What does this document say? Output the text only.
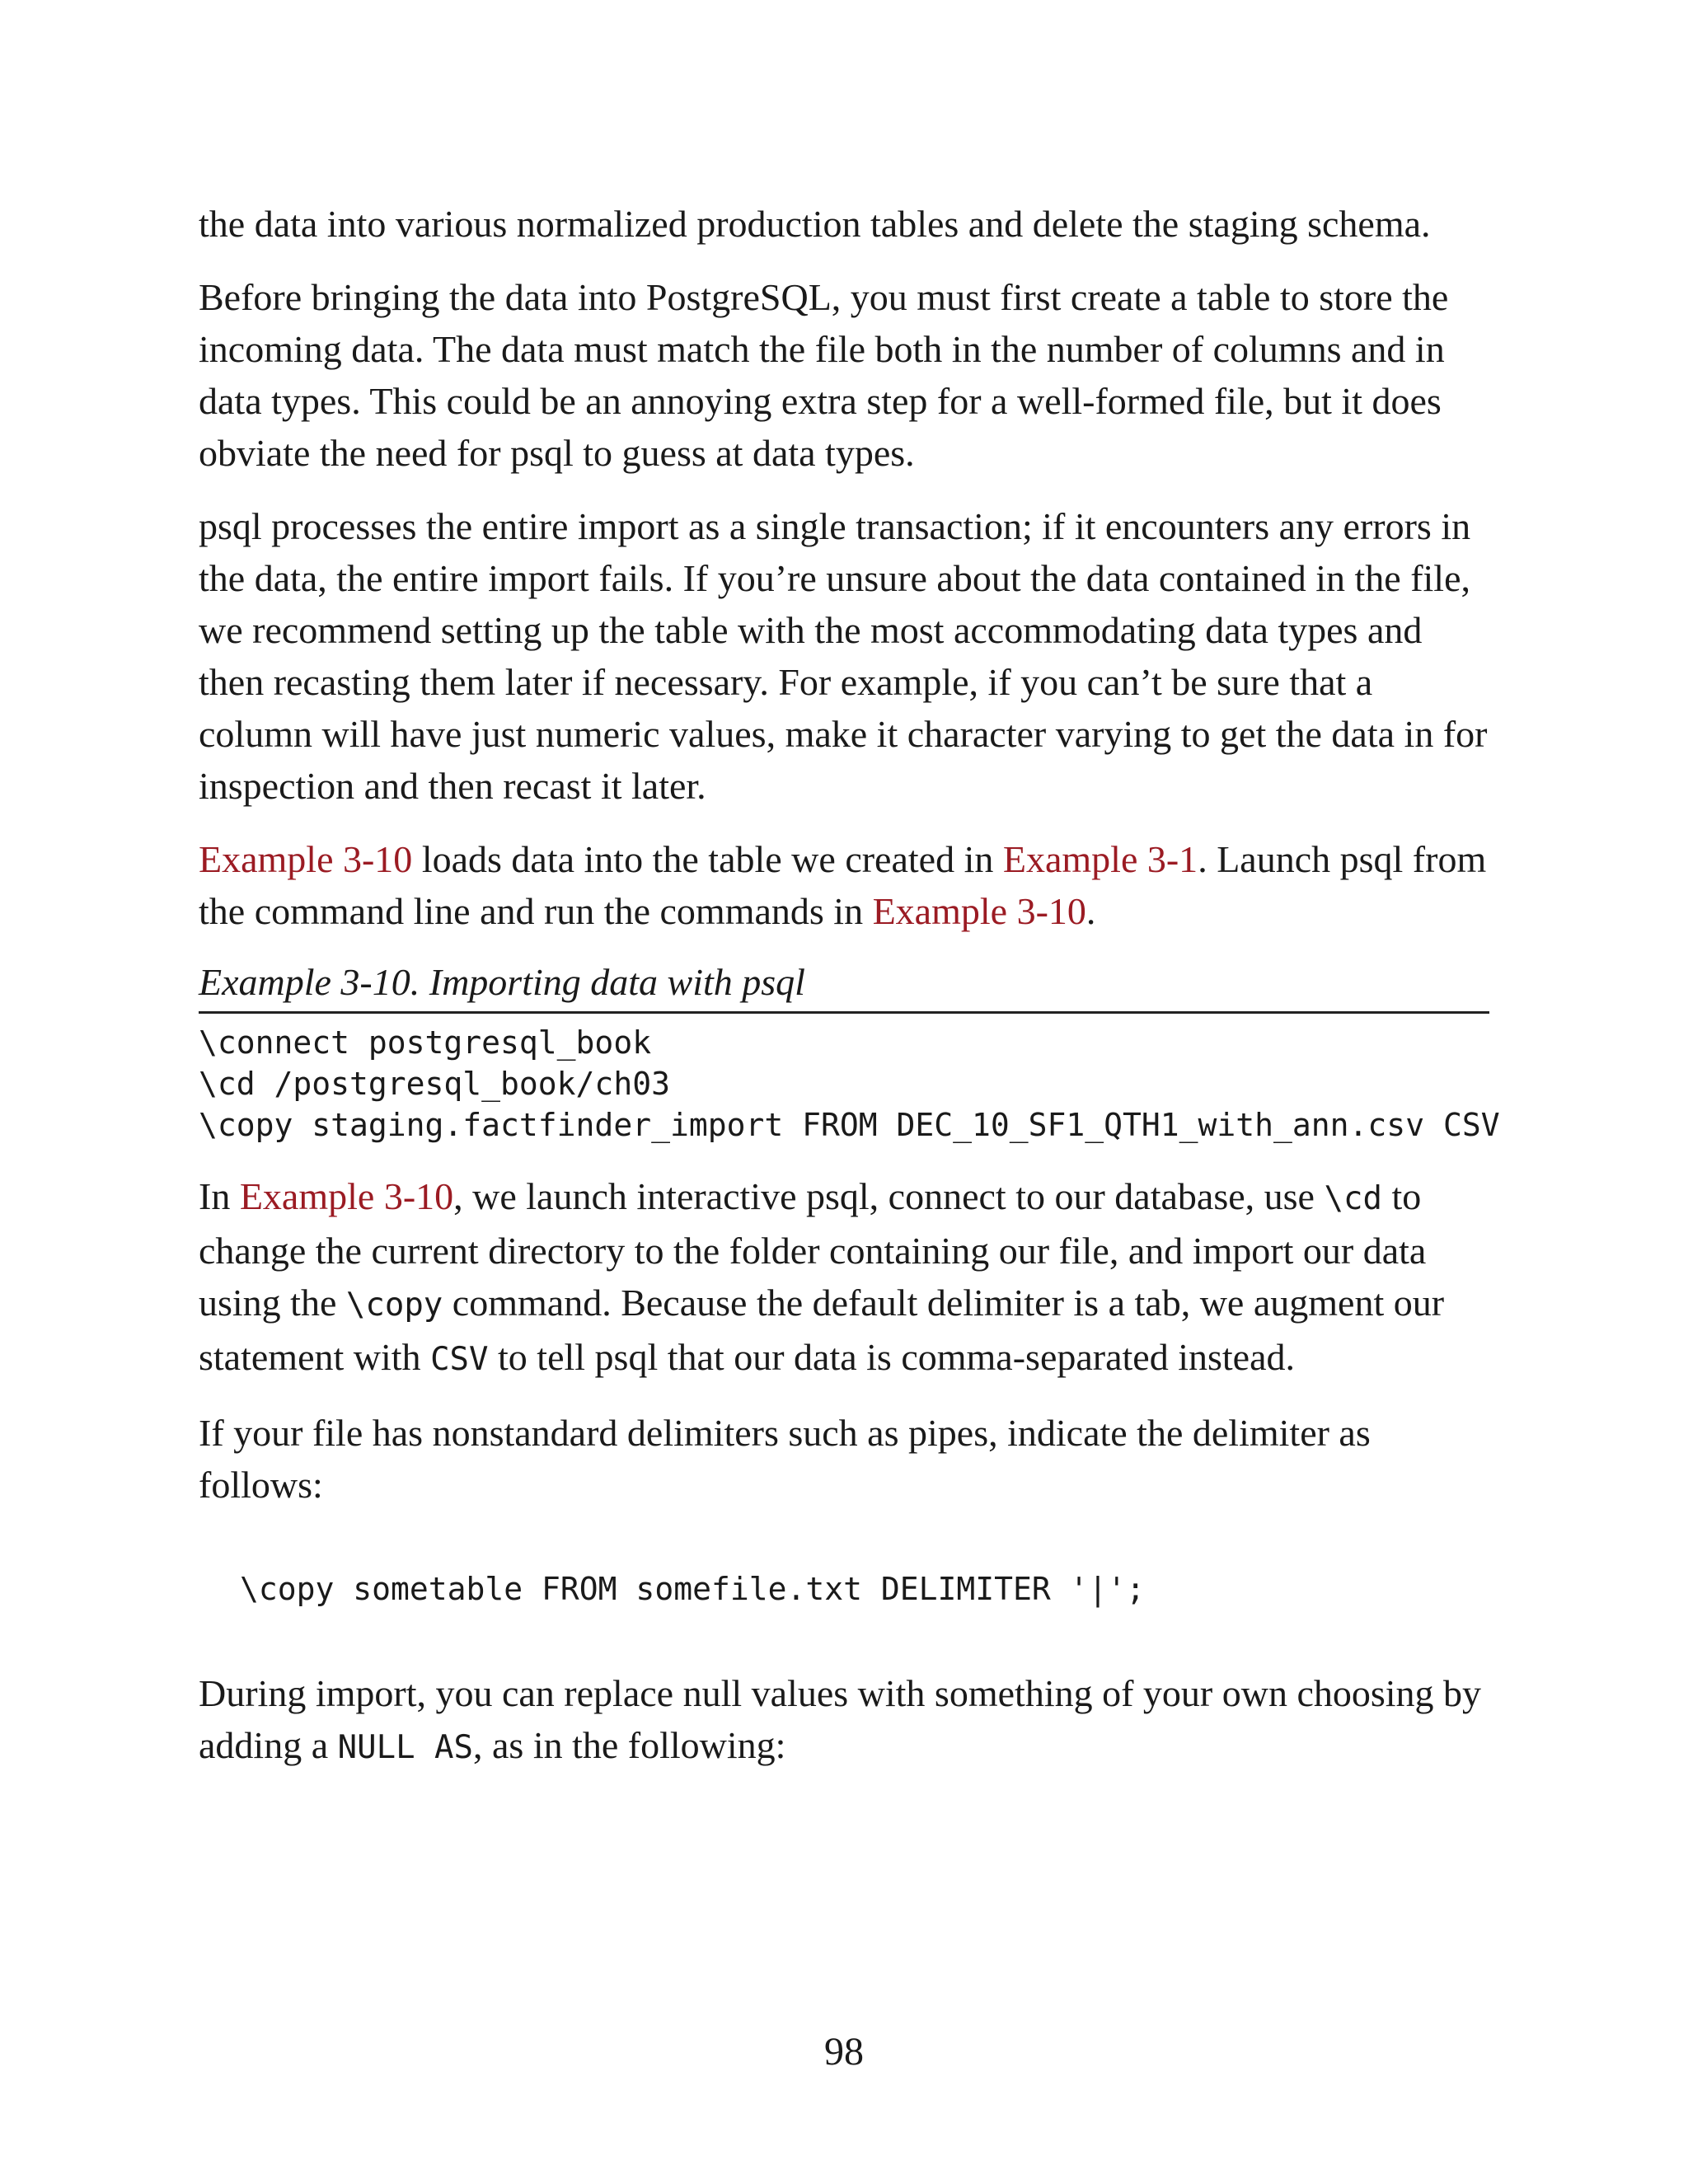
the data into various normalized production tables and delete the staging schema.

Before bringing the data into PostgreSQL, you must first create a table to store the incoming data. The data must match the file both in the number of columns and in data types. This could be an annoying extra step for a well-formed file, but it does obviate the need for psql to guess at data types.

psql processes the entire import as a single transaction; if it encounters any errors in the data, the entire import fails. If you’re unsure about the data contained in the file, we recommend setting up the table with the most accommodating data types and then recasting them later if necessary. For example, if you can’t be sure that a column will have just numeric values, make it character varying to get the data in for inspection and then recast it later.

Example 3-10 loads data into the table we created in Example 3-1. Launch psql from the command line and run the commands in Example 3-10.

Example 3-10. Importing data with psql
\connect postgresql_book
\cd /postgresql_book/ch03
\copy staging.factfinder_import FROM DEC_10_SF1_QTH1_with_ann.csv CSV

In Example 3-10, we launch interactive psql, connect to our database, use \cd to change the current directory to the folder containing our file, and import our data using the \copy command. Because the default delimiter is a tab, we augment our statement with CSV to tell psql that our data is comma-separated instead.

If your file has nonstandard delimiters such as pipes, indicate the delimiter as follows:

\copy sometable FROM somefile.txt DELIMITER '|';

During import, you can replace null values with something of your own choosing by adding a NULL AS, as in the following:

98
